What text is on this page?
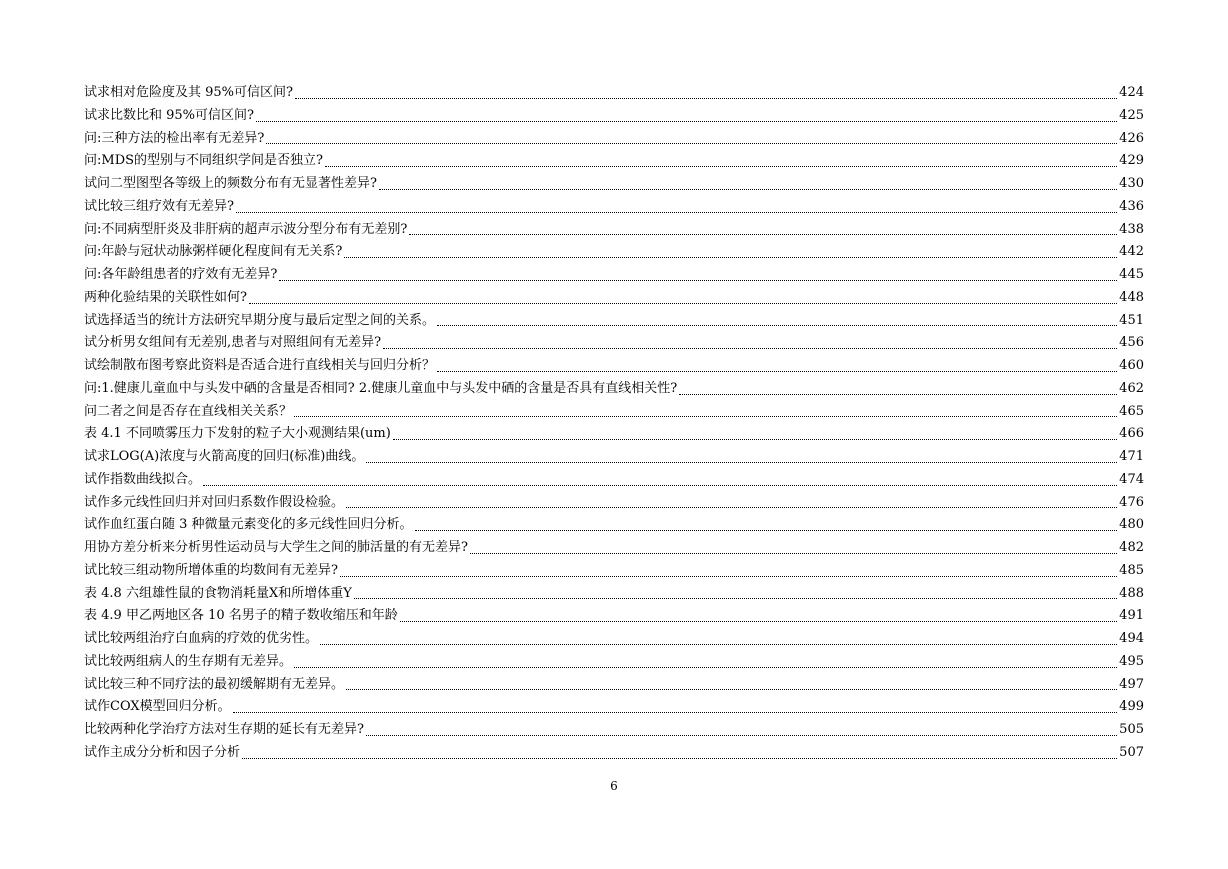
试求相对危险度及其 95%可信区间?	424
试求比数比和 95%可信区间?	425
问:三种方法的检出率有无差异?	426
问:MDS的型别与不同组织学间是否独立?	429
试问二型图型各等级上的频数分布有无显著性差异?	430
试比较三组疗效有无差异?	436
问:不同病型肝炎及非肝病的超声示波分型分布有无差别?	438
问:年龄与冠状动脉粥样硬化程度间有无关系?	442
问:各年龄组患者的疗效有无差异?	445
两种化验结果的关联性如何?	448
试选择适当的统计方法研究早期分度与最后定型之间的关系。	451
试分析男女组间有无差别,患者与对照组间有无差异?	456
试绘制散布图考察此资料是否适合进行直线相关与回归分析？	460
问:1.健康儿童血中与头发中硒的含量是否相同? 2.健康儿童血中与头发中硒的含量是否具有直线相关性?	462
问二者之间是否存在直线相关关系？	465
表 4.1 不同喷雾压力下发射的粒子大小观测结果(um)	466
试求LOG(A)浓度与火箭高度的回归(标准)曲线。	471
试作指数曲线拟合。	474
试作多元线性回归并对回归系数作假设检验。	476
试作血红蛋白随 3 种微量元素变化的多元线性回归分析。	480
用协方差分析来分析男性运动员与大学生之间的肺活量的有无差异?	482
试比较三组动物所增体重的均数间有无差异?	485
表 4.8 六组雄性鼠的食物消耗量X和所增体重Y	488
表 4.9 甲乙两地区各 10 名男子的精子数收缩压和年龄	491
试比较两组治疗白血病的疗效的优劣性。	494
试比较两组病人的生存期有无差异。	495
试比较三种不同疗法的最初缓解期有无差异。	497
试作COX模型回归分析。	499
比较两种化学治疗方法对生存期的延长有无差异?	505
试作主成分分析和因子分析	507
6
